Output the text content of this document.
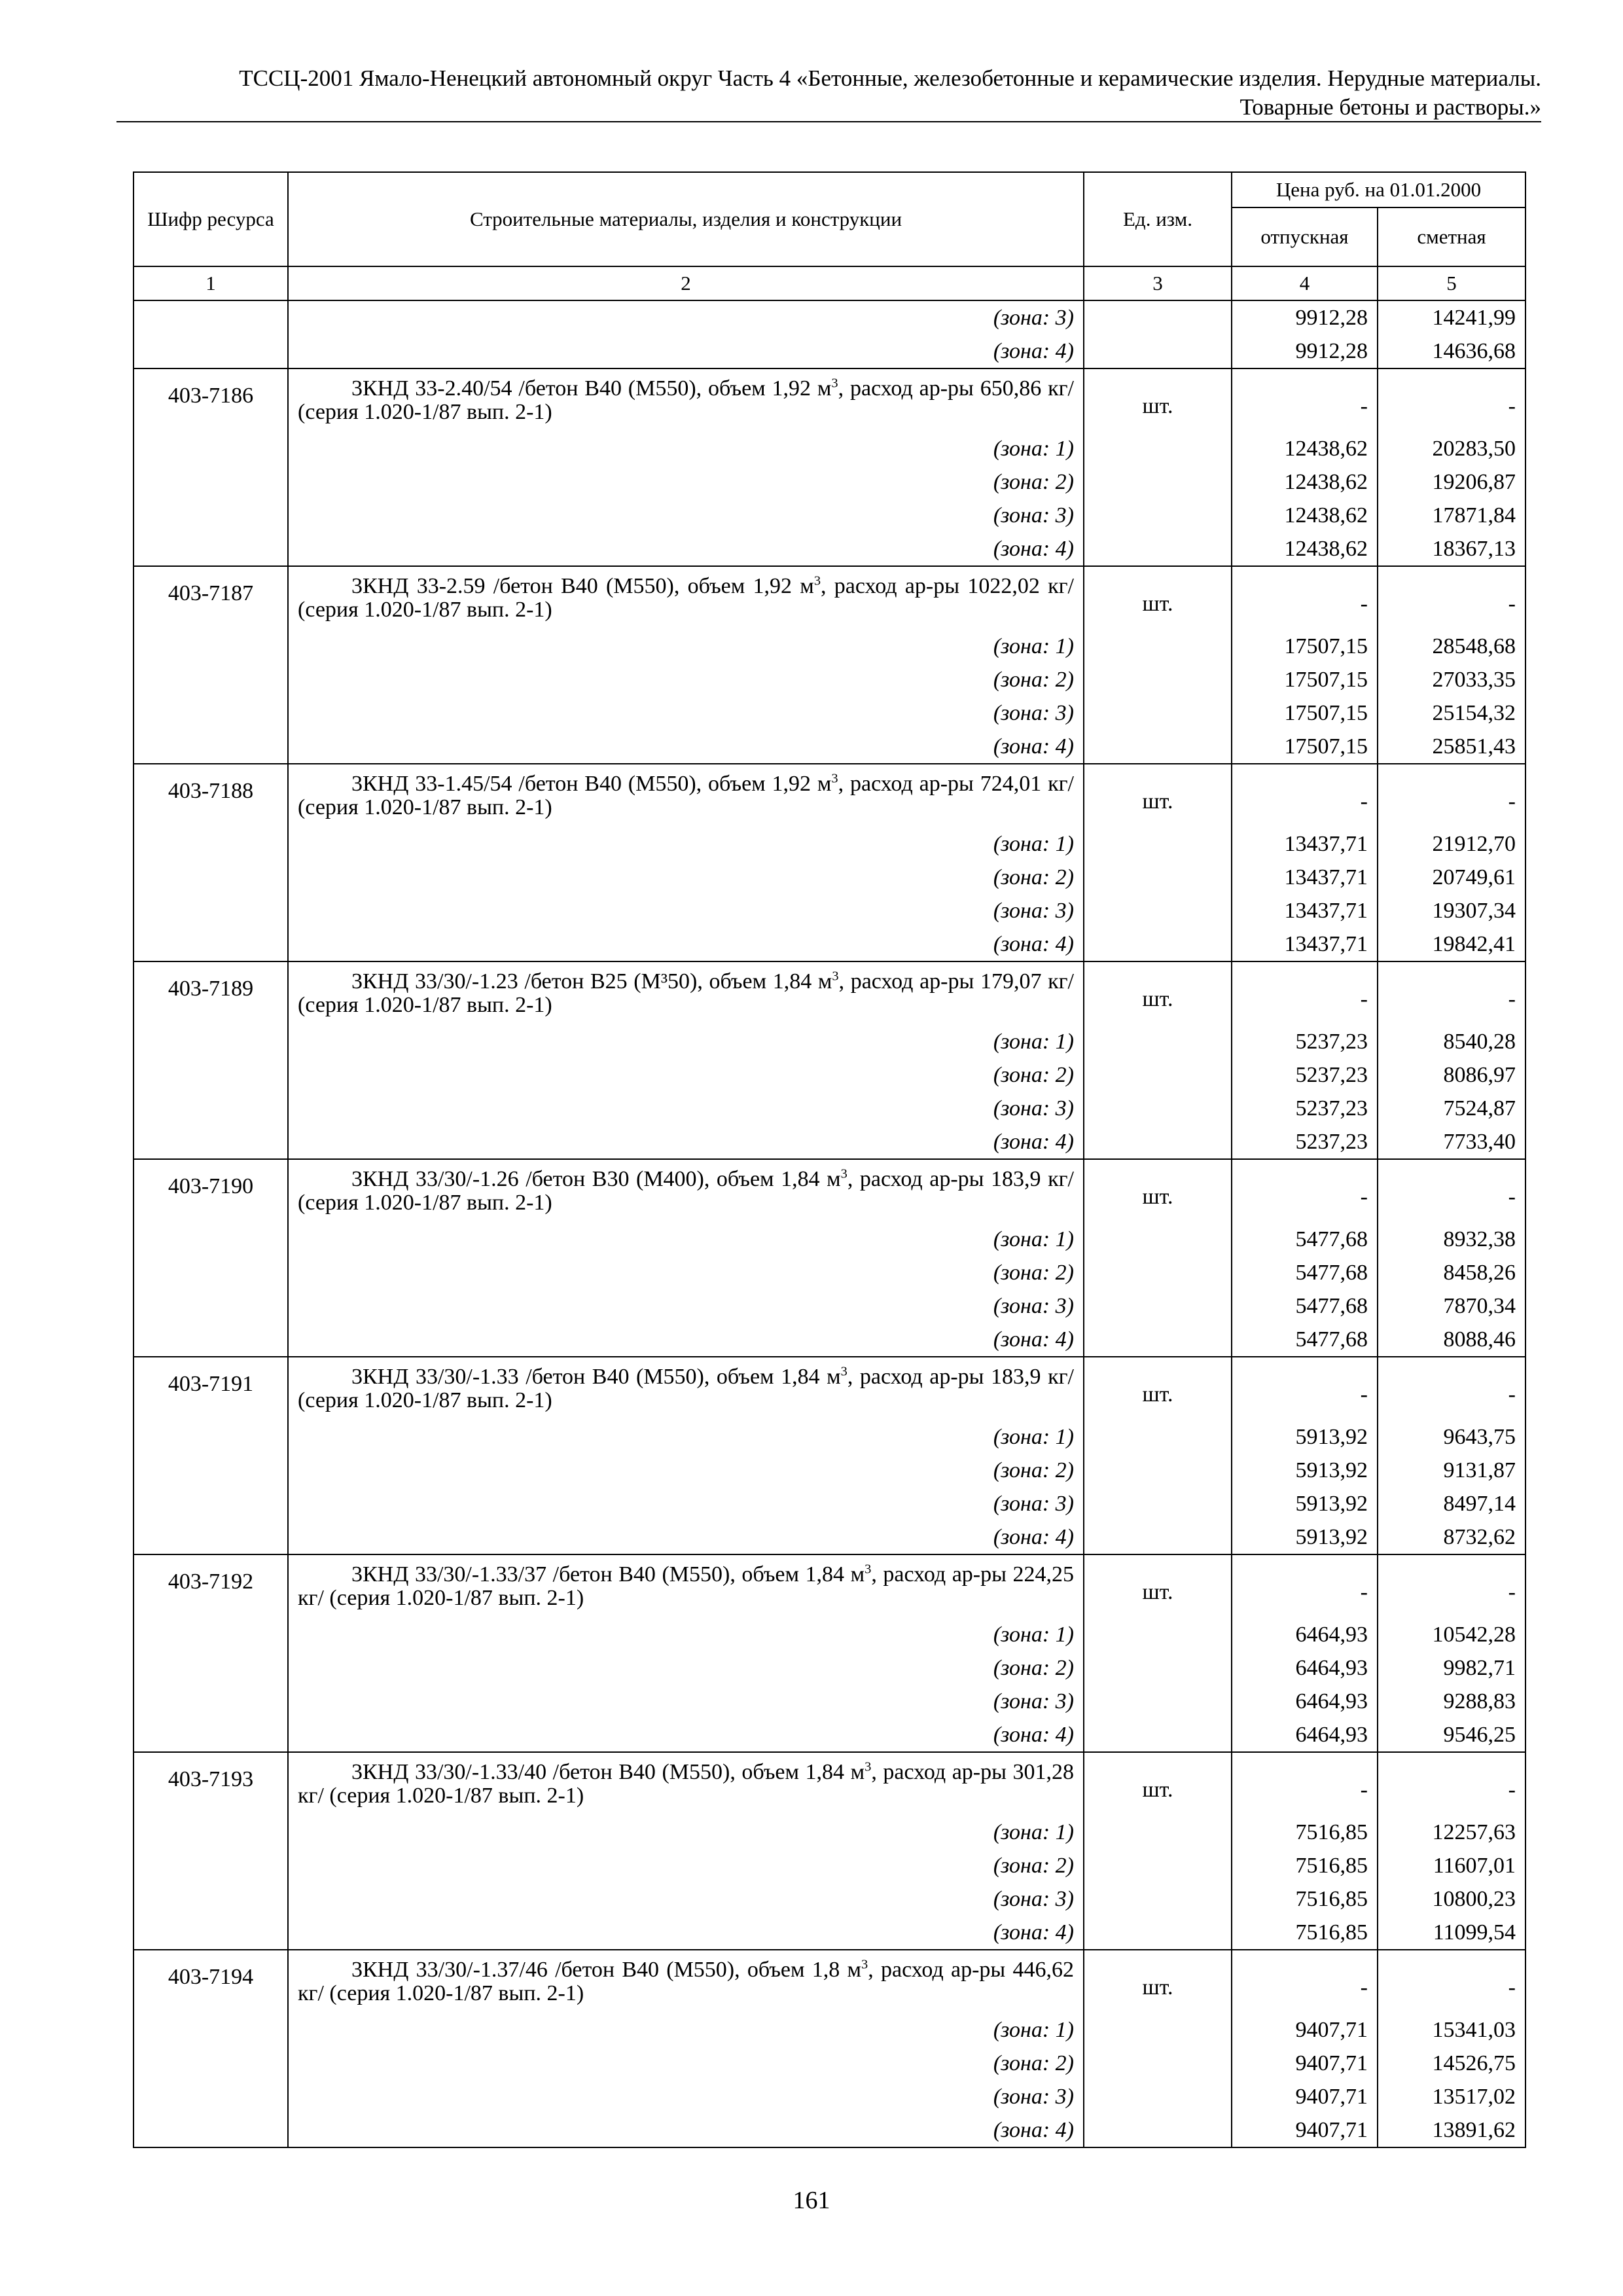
ТССЦ-2001 Ямало-Ненецкий автономный округ Часть 4 «Бетонные, железобетонные и керамические изделия. Нерудные материалы.
Товарные бетоны и растворы.»
Шифр ресурса	Строительные материалы, изделия и конструкции	Ед. изм.	Цена руб. на 01.01.2000	
			отпускная	сметная
1	2	3	4	5
	(зона: 3)		9912,28	14241,99
	(зона: 4)		9912,28	14636,68
403-7186	3КНД 33-2.40/54 /бетон В40 (М550), объем 1,92 $м^3$, расход ар-ры 650,86 кг/ (серия 1.020-1/87 вып. 2-1)	шт.	-	-
	(зона: 1)		12438,62	20283,50
	(зона: 2)		12438,62	19206,87
	(зона: 3)		12438,62	17871,84
	(зона: 4)		12438,62	18367,13
403-7187	3КНД 33-2.59 /бетон В40 (М550), объем 1,92 $м^3$, расход ар-ры 1022,02 кг/ (серия 1.020-1/87 вып. 2-1)	шт.	-	-
	(зона: 1)		17507,15	28548,68
	(зона: 2)		17507,15	27033,35
	(зона: 3)		17507,15	25154,32
	(зона: 4)		17507,15	25851,43
403-7188	3КНД 33-1.45/54 /бетон В40 (М550), объем 1,92 $м^3$, расход ар-ры 724,01 кг/ (серия 1.020-1/87 вып. 2-1)	шт.	-	-
	(зона: 1)		13437,71	21912,70
	(зона: 2)		13437,71	20749,61
	(зона: 3)		13437,71	19307,34
	(зона: 4)		13437,71	19842,41
403-7189	3КНД 33/30/-1.23 /бетон В25 (М³50), объем 1,84 $м^3$, расход ар-ры 179,07 кг/ (серия 1.020-1/87 вып. 2-1)	шт.	-	-
	(зона: 1)		5237,23	8540,28
	(зона: 2)		5237,23	8086,97
	(зона: 3)		5237,23	7524,87
	(зона: 4)		5237,23	7733,40
403-7190	3КНД 33/30/-1.26 /бетон В30 (М400), объем 1,84 $м^3$, расход ар-ры 183,9 кг/ (серия 1.020-1/87 вып. 2-1)	шт.	-	-
	(зона: 1)		5477,68	8932,38
	(зона: 2)		5477,68	8458,26
	(зона: 3)		5477,68	7870,34
	(зона: 4)		5477,68	8088,46
403-7191	3КНД 33/30/-1.33 /бетон В40 (М550), объем 1,84 $м^3$, расход ар-ры 183,9 кг/ (серия 1.020-1/87 вып. 2-1)	шт.	-	-
	(зона: 1)		5913,92	9643,75
	(зона: 2)		5913,92	9131,87
	(зона: 3)		5913,92	8497,14
	(зона: 4)		5913,92	8732,62
403-7192	3КНД 33/30/-1.33/37 /бетон В40 (М550), объем 1,84 $м^3$, расход ар-ры 224,25 кг/ (серия 1.020-1/87 вып. 2-1)	шт.	-	-
	(зона: 1)		6464,93	10542,28
	(зона: 2)		6464,93	9982,71
	(зона: 3)		6464,93	9288,83
	(зона: 4)		6464,93	9546,25
403-7193	3КНД 33/30/-1.33/40 /бетон В40 (М550), объем 1,84 $м^3$, расход ар-ры 301,28 кг/ (серия 1.020-1/87 вып. 2-1)	шт.	-	-
	(зона: 1)		7516,85	12257,63
	(зона: 2)		7516,85	11607,01
	(зона: 3)		7516,85	10800,23
	(зона: 4)		7516,85	11099,54
403-7194	3КНД 33/30/-1.37/46 /бетон В40 (М550), объем 1,8 $м^3$, расход ар-ры 446,62 кг/ (серия 1.020-1/87 вып. 2-1)	шт.	-	-
	(зона: 1)		9407,71	15341,03
	(зона: 2)		9407,71	14526,75
	(зона: 3)		9407,71	13517,02
	(зона: 4)		9407,71	13891,62
161
